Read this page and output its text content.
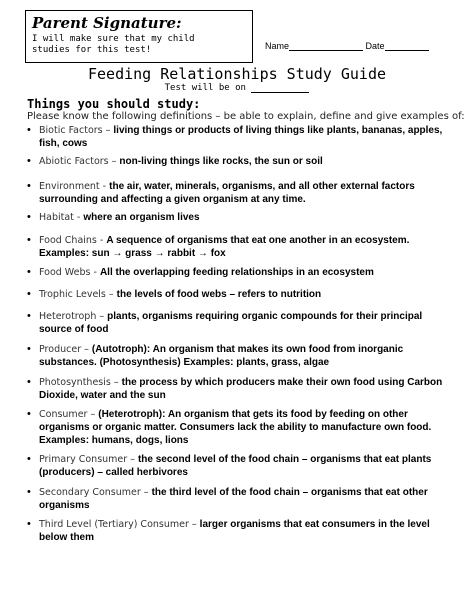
Parent Signature:
I will make sure that my child
studies for this test!	Name	Date
Feeding Relationships Study Guide
Test will be on
Things you should study:
Please know the following definitions – be able to explain, define and give examples of:
• Biotic Factors – living things or products of living things like plants, bananas, apples, fish, cows
• Abiotic Factors – non-living things like rocks, the sun or soil
• Environment - the air, water, minerals, organisms, and all other external factors surrounding and affecting a given organism at any time.
• Habitat - where an organism lives
• Food Chains - A sequence of organisms that eat one another in an ecosystem. Examples: sun → grass → rabbit → fox
• Food Webs - All the overlapping feeding relationships in an ecosystem
• Trophic Levels – the levels of food webs – refers to nutrition
• Heterotroph – plants, organisms requiring organic compounds for their principal source of food
• Producer – (Autotroph): An organism that makes its own food from inorganic substances. (Photosynthesis) Examples: plants, grass, algae
• Photosynthesis – the process by which producers make their own food using Carbon Dioxide, water and the sun
• Consumer – (Heterotroph): An organism that gets its food by feeding on other organisms or organic matter. Consumers lack the ability to manufacture own food. Examples: humans, dogs, lions
• Primary Consumer – the second level of the food chain – organisms that eat plants (producers) – called herbivores
• Secondary Consumer – the third level of the food chain – organisms that eat other organisms
• Third Level (Tertiary) Consumer – larger organisms that eat consumers in the level below them
